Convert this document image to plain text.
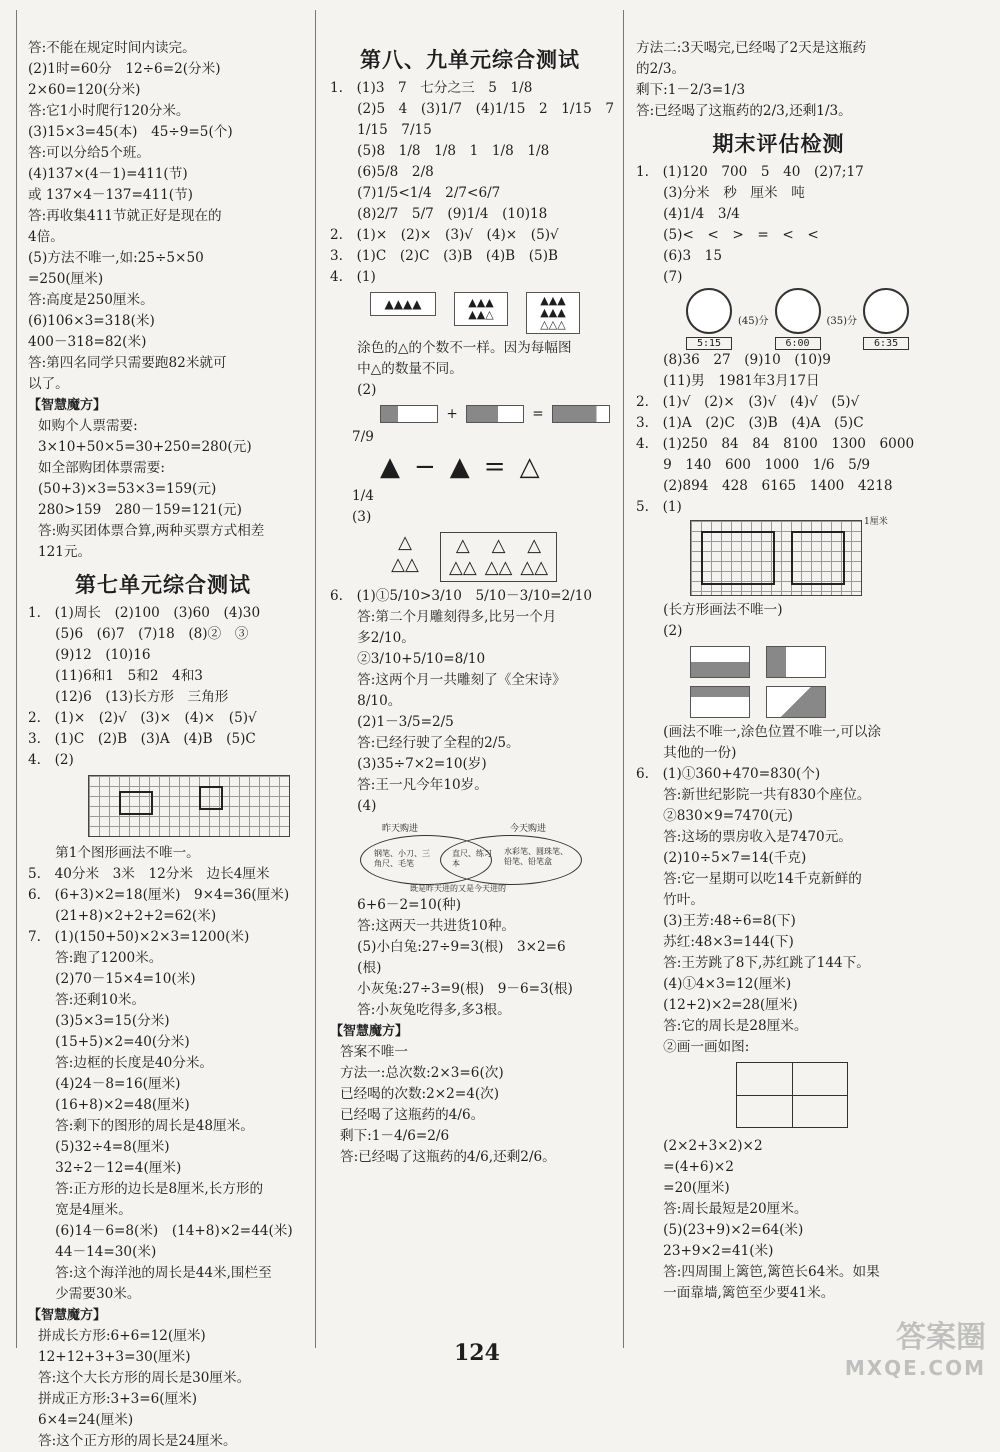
答:不能在规定时间内读完。
(2)1时=60分　12÷6=2(分米)
2×60=120(分米)
答:它1小时爬行120分米。
(3)15×3=45(本)　45÷9=5(个)
答:可以分给5个班。
(4)137×(4－1)=411(节)
或 137×4－137=411(节)
答:再收集411节就正好是现在的
4倍。
(5)方法不唯一,如:25÷5×50
=250(厘米)
答:高度是250厘米。
(6)106×3=318(米)
400－318=82(米)
答:第四名同学只需要跑82米就可
以了。
【智慧魔方】
如购个人票需要:
3×10+50×5=30+250=280(元)
如全部购团体票需要:
(50+3)×3=53×3=159(元)
280>159　280－159=121(元)
答:购买团体票合算,两种买票方式相差
121元。
第七单元综合测试
1.　(1)周长　(2)100　(3)60　(4)30
　　(5)6　(6)7　(7)18　(8)②　③
　　(9)12　(10)16
　　(11)6和1　5和2　4和3
　　(12)6　(13)长方形　三角形
2.　(1)×　(2)√　(3)×　(4)×　(5)√
3.　(1)C　(2)B　(3)A　(4)B　(5)C
4.　(2)
　　第1个图形画法不唯一。
5.　40分米　3米　12分米　边长4厘米
6.　(6+3)×2=18(厘米)　9×4=36(厘米)
　　(21+8)×2+2+2=62(米)
7.　(1)(150+50)×2×3=1200(米)
　　答:跑了1200米。
　　(2)70－15×4=10(米)
　　答:还剩10米。
　　(3)5×3=15(分米)
　　(15+5)×2=40(分米)
　　答:边框的长度是40分米。
　　(4)24－8=16(厘米)
　　(16+8)×2=48(厘米)
　　答:剩下的图形的周长是48厘米。
　　(5)32÷4=8(厘米)
　　32÷2－12=4(厘米)
　　答:正方形的边长是8厘米,长方形的
　　宽是4厘米。
　　(6)14－6=8(米)　(14+8)×2=44(米)
　　44－14=30(米)
　　答:这个海洋池的周长是44米,围栏至
　　少需要30米。
【智慧魔方】
拼成长方形:6+6=12(厘米)
12+12+3+3=30(厘米)
答:这个大长方形的周长是30厘米。
拼成正方形:3+3=6(厘米)
6×4=24(厘米)
答:这个正方形的周长是24厘米。
第八、九单元综合测试
1.　(1)3　7　七分之三　5　1/8
　　(2)5　4　(3)1/7　(4)1/15　2　1/15　7
　　1/15　7/15
　　(5)8　1/8　1/8　1　1/8　1/8
　　(6)5/8　2/8
　　(7)1/5<1/4　2/7<6/7
　　(8)2/7　5/7　(9)1/4　(10)18
2.　(1)×　(2)×　(3)√　(4)×　(5)√
3.　(1)C　(2)C　(3)B　(4)B　(5)B
4.　(1)
▲▲▲▲	▲▲▲
▲▲△
▲▲▲
▲▲▲
△△△
　　涂色的△的个数不一样。因为每幅图
　　中△的数量不同。
　　(2)
+	=
7/9
▲ − ▲ = △
1/4
(3)
△
△△
△
△△
△
△△
△
△△
6.　(1)①5/10>3/10　5/10－3/10=2/10
　　答:第二个月雕刻得多,比另一个月
　　多2/10。
　　②3/10+5/10=8/10
　　答:这两个月一共雕刻了《全宋诗》
　　8/10。
　　(2)1－3/5=2/5
　　答:已经行驶了全程的2/5。
　　(3)35÷7×2=10(岁)
　　答:王一凡今年10岁。
　　(4)
昨天购进	今天购进
钢笔、小刀、三角尺、毛笔
直尺、练习本
水彩笔、圆珠笔、铅笔、铅笔盒
既是昨天进的又是今天进的
　　6+6－2=10(种)
　　答:这两天一共进货10种。
　　(5)小白兔:27÷9=3(根)　3×2=6
　　(根)
　　小灰兔:27÷3=9(根)　9－6=3(根)
　　答:小灰兔吃得多,多3根。
【智慧魔方】
答案不唯一
方法一:总次数:2×3=6(次)
已经喝的次数:2×2=4(次)
已经喝了这瓶药的4/6。
剩下:1－4/6=2/6
答:已经喝了这瓶药的4/6,还剩2/6。
方法二:3天喝完,已经喝了2天是这瓶药
的2/3。
剩下:1－2/3=1/3
答:已经喝了这瓶药的2/3,还剩1/3。
期末评估检测
1.　(1)120　700　5　40　(2)7;17
　　(3)分米　秒　厘米　吨
　　(4)1/4　3/4
　　(5)<　<　>　=　<　<
　　(6)3　15
　　(7)
5:15
(45)分
6:00
(35)分
6:35
　　(8)36　27　(9)10　(10)9
　　(11)男　1981年3月17日
2.　(1)√　(2)×　(3)√　(4)√　(5)√
3.　(1)A　(2)C　(3)B　(4)A　(5)C
4.　(1)250　84　84　8100　1300　6000
　　9　140　600　1000　1/6　5/9
　　(2)894　428　6165　1400　4218
5.　(1)
1厘米
　　(长方形画法不唯一)
　　(2)
　　(画法不唯一,涂色位置不唯一,可以涂
　　其他的一份)
6.　(1)①360+470=830(个)
　　答:新世纪影院一共有830个座位。
　　②830×9=7470(元)
　　答:这场的票房收入是7470元。
　　(2)10÷5×7=14(千克)
　　答:它一星期可以吃14千克新鲜的
　　竹叶。
　　(3)王芳:48÷6=8(下)
　　苏红:48×3=144(下)
　　答:王芳跳了8下,苏红跳了144下。
　　(4)①4×3=12(厘米)
　　(12+2)×2=28(厘米)
　　答:它的周长是28厘米。
　　②画一画如图:
　　(2×2+3×2)×2
　　=(4+6)×2
　　=20(厘米)
　　答:周长最短是20厘米。
　　(5)(23+9)×2=64(米)
　　23+9×2=41(米)
　　答:四周围上篱笆,篱笆长64米。如果
　　一面靠墙,篱笆至少要41米。
124	答案圈
MXQE.COM
